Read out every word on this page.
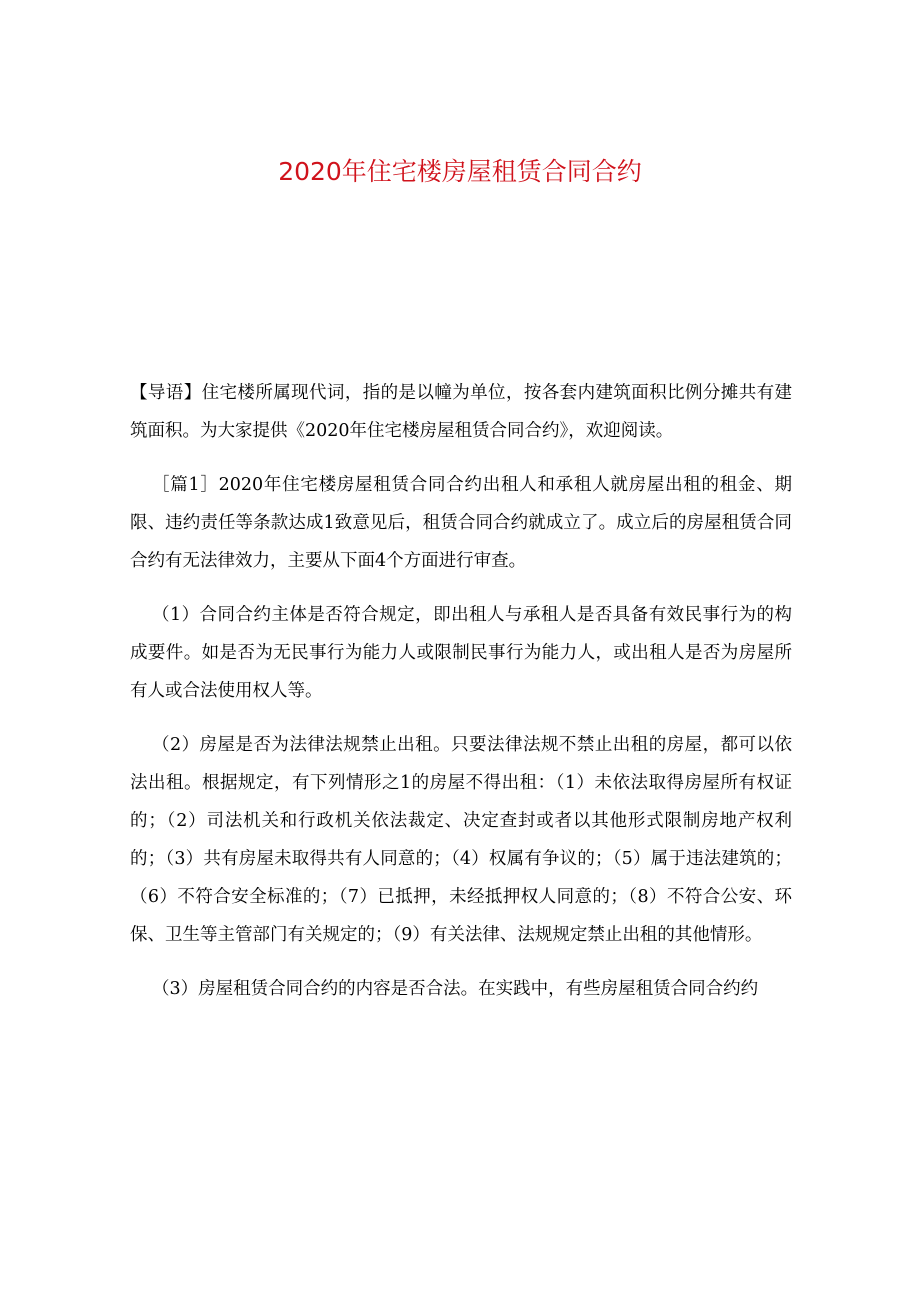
2020年住宅楼房屋租赁合同合约

【导语】住宅楼所属现代词，指的是以幢为单位，按各套内建筑面积比例分摊共有建筑面积。为大家提供《2020年住宅楼房屋租赁合同合约》，欢迎阅读。

［篇1］2020年住宅楼房屋租赁合同合约出租人和承租人就房屋出租的租金、期限、违约责任等条款达成1致意见后，租赁合同合约就成立了。成立后的房屋租赁合同合约有无法律效力，主要从下面4个方面进行审查。

（1）合同合约主体是否符合规定，即出租人与承租人是否具备有效民事行为的构成要件。如是否为无民事行为能力人或限制民事行为能力人，或出租人是否为房屋所有人或合法使用权人等。

（2）房屋是否为法律法规禁止出租。只要法律法规不禁止出租的房屋，都可以依法出租。根据规定，有下列情形之1的房屋不得出租：（1）未依法取得房屋所有权证的；（2）司法机关和行政机关依法裁定、决定查封或者以其他形式限制房地产权利的；（3）共有房屋未取得共有人同意的；（4）权属有争议的；（5）属于违法建筑的；（6）不符合安全标准的；（7）已抵押，未经抵押权人同意的；（8）不符合公安、环保、卫生等主管部门有关规定的；（9）有关法律、法规规定禁止出租的其他情形。

（3）房屋租赁合同合约的内容是否合法。在实践中，有些房屋租赁合同合约约
